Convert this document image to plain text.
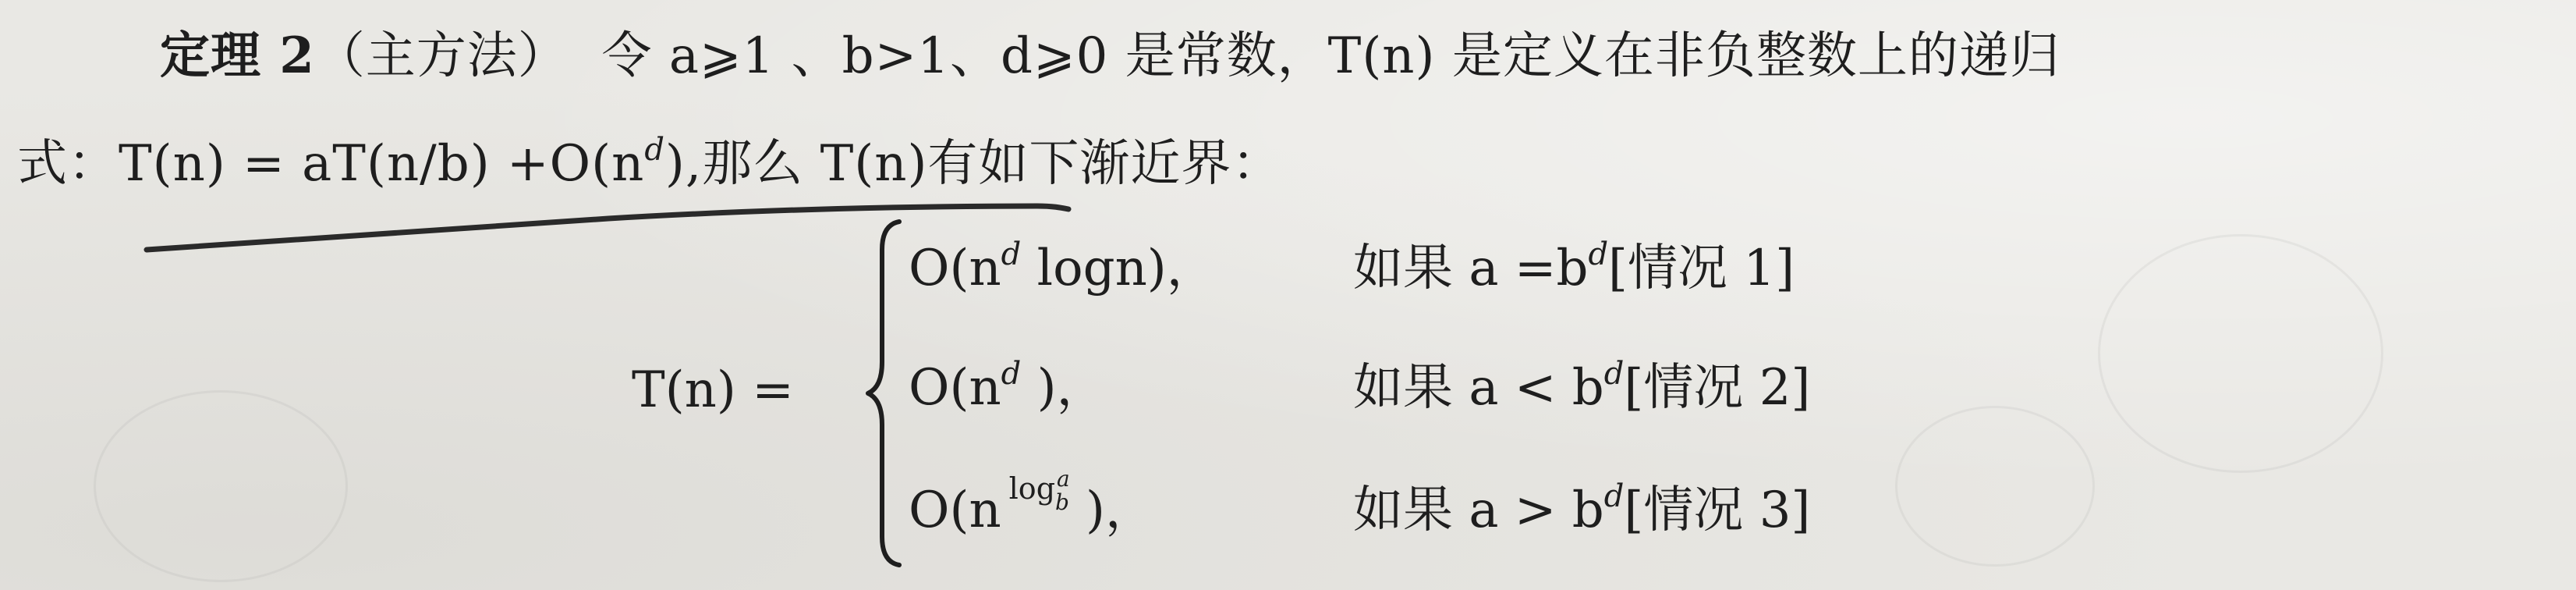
定理 2（主方法） 令 a⩾1 、b>1、d⩾0 是常数，T(n) 是定义在非负整数上的递归
式：$T(n) = aT(n/b) +O(n^d)$,那么 T(n)有如下渐近界：
T(n) =
$O(n^d$ logn)，	如果 $a =b^d$[情况 1]
$O(n^d$ )，	如果 $a < b^d$[情况 2]
O(n $\log_b^a$ )，	如果 $a > b^d$[情况 3]
